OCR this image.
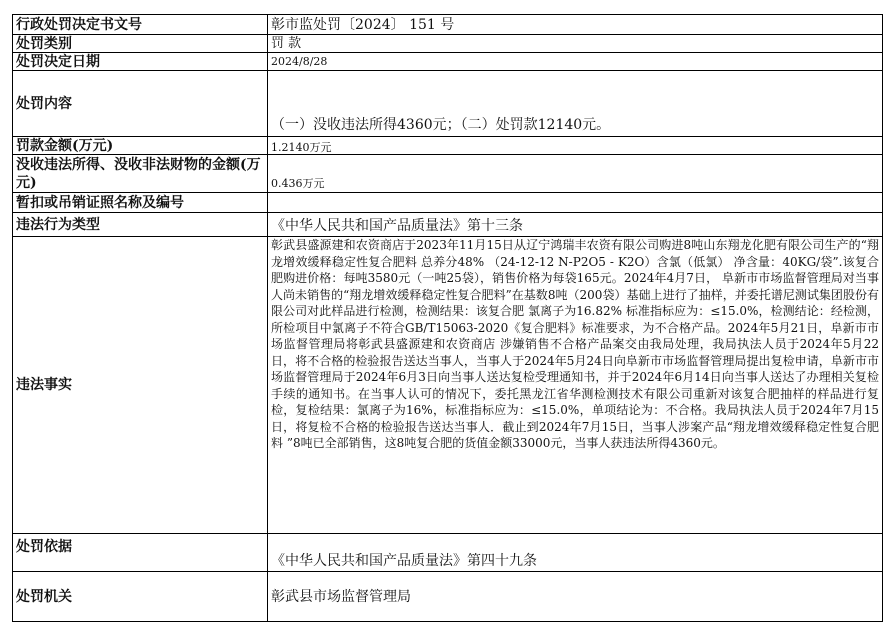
行政处罚决定书文号	彰市监处罚〔2024〕 151 号
处罚类别	罚 款
处罚决定日期	2024/8/28
处罚内容	（一）没收违法所得4360元；（二）处罚款12140元。
罚款金额(万元)	1.2140万元
没收违法所得、没收非法财物的金额(万元)	0.436万元
暂扣或吊销证照名称及编号	
违法行为类型	《中华人民共和国产品质量法》第十三条
违法事实	彰武县盛源建和农资商店于2023年11月15日从辽宁鸿瑞丰农资有限公司购进8吨山东翔龙化肥有限公司生产的“翔龙增效缓释稳定性复合肥料 总养分48% （24-12-12 N-P2O5 - K2O）含氯（低氯） 净含量：40KG/袋”.该复合肥购进价格：每吨3580元（一吨25袋），销售价格为每袋165元。2024年4月7日， 阜新市市场监督管理局对当事人尚未销售的“翔龙增效缓释稳定性复合肥料”在基数8吨（200袋）基础上进行了抽样，并委托谱尼测试集团股份有限公司对此样品进行检测，检测结果：该复合肥 氯离子为16.82% 标准指标应为：≤15.0%，检测结论：经检测，所检项目中氯离子不符合GB/T15063-2020《复合肥料》标准要求，为不合格产品。2024年5月21日，阜新市市场监督管理局将彰武县盛源建和农资商店 涉嫌销售不合格产品案交由我局处理，我局执法人员于2024年5月22日，将不合格的检验报告送达当事人，当事人于2024年5月24日向阜新市市场监督管理局提出复检申请，阜新市市场监督管理局于2024年6月3日向当事人送达复检受理通知书，并于2024年6月14日向当事人送达了办理相关复检手续的通知书。在当事人认可的情况下，委托黑龙江省华测检测技术有限公司重新对该复合肥抽样的样品进行复检，复检结果：氯离子为16%，标准指标应为：≤15.0%，单项结论为：不合格。我局执法人员于2024年7月15日，将复检不合格的检验报告送达当事人．截止到2024年7月15日，当事人涉案产品“翔龙增效缓释稳定性复合肥料 ”8吨已全部销售，这8吨复合肥的货值金额33000元，当事人获违法所得4360元。
处罚依据	《中华人民共和国产品质量法》第四十九条
处罚机关	彰武县市场监督管理局
